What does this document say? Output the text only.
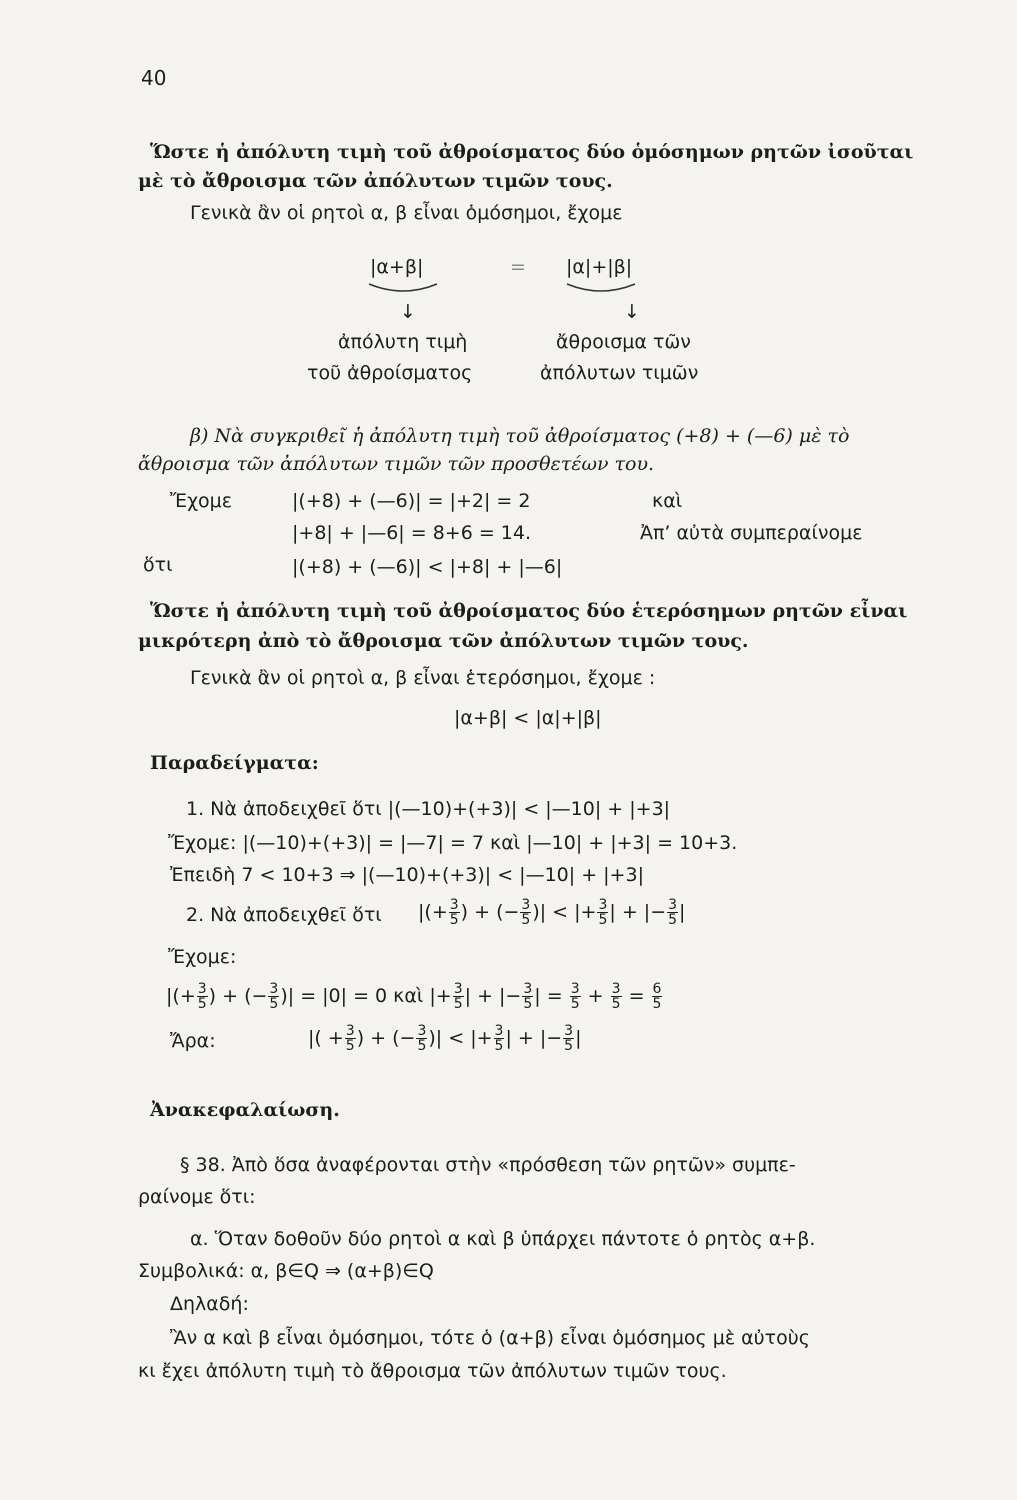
40
Ὥστε ἡ ἀπόλυτη τιμὴ τοῦ ἀθροίσματος δύο ὁμόσημων ρητῶν ἰσοῦται
μὲ τὸ ἄθροισμα τῶν ἀπόλυτων τιμῶν τους.
Γενικὰ ἂν οἱ ρητοὶ α, β εἶναι ὁμόσημοι, ἔχομε
|α+β|	= |α|+|β|
↓	↓
ἀπόλυτη τιμὴ
τοῦ ἀθροίσματος
ἄθροισμα τῶν
ἀπόλυτων τιμῶν
β) Νὰ συγκριθεῖ ἡ ἀπόλυτη τιμὴ τοῦ ἀθροίσματος (+8) + (—6) μὲ τὸ
ἄθροισμα τῶν ἀπόλυτων τιμῶν τῶν προσθετέων του.
Ἔχομε	|(+8) + (—6)| = |+2| = 2	καὶ
|+8| + |—6| = 8+6 = 14.	Ἀπ’ αὐτὰ συμπεραίνομε
ὅτι	|(+8) + (—6)| < |+8| + |—6|
Ὥστε ἡ ἀπόλυτη τιμὴ τοῦ ἀθροίσματος δύο ἑτερόσημων ρητῶν εἶναι
μικρότερη ἀπὸ τὸ ἄθροισμα τῶν ἀπόλυτων τιμῶν τους.
Γενικὰ ἂν οἱ ρητοὶ α, β εἶναι ἑτερόσημοι, ἔχομε :
|α+β| < |α|+|β|
Παραδείγματα:
1. Νὰ ἀποδειχθεῖ ὅτι |(—10)+(+3)| < |—10| + |+3|
Ἔχομε: |(—10)+(+3)| = |—7| = 7 καὶ |—10| + |+3| = 10+3.
Ἐπειδὴ 7 < 10+3 ⇒ |(—10)+(+3)| < |—10| + |+3|
2. Νὰ ἀποδειχθεῖ ὅτι |(+ $\frac{3}{5}$ ) + (− $\frac{3}{5}$ )| < |+ $\frac{3}{5}$ | + |− $\frac{3}{5}$ |
Ἔχομε:
|(+ $\frac{3}{5}$ ) + (− $\frac{3}{5}$ )| = |0| = 0 καὶ |+ $\frac{3}{5}$ | + |− $\frac{3}{5}$ | = $\frac{3}{5} + \frac{3}{5} = \frac{6}{5}$
Ἄρα:	|( + $\frac{3}{5}$ ) + (− $\frac{3}{5}$ )| < |+ $\frac{3}{5}$ | + |− $\frac{3}{5}$ |
Ἀνακεφαλαίωση.
§ 38. Ἀπὸ ὅσα ἀναφέρονται στὴν «πρόσθεση τῶν ρητῶν» συμπε-
ραίνομε ὅτι:
α. Ὅταν δοθοῦν δύο ρητοὶ α καὶ β ὑπάρχει πάντοτε ὁ ρητὸς α+β.
Συμβολικά: α, β∈Q ⇒ (α+β)∈Q
Δηλαδή:
Ἂν α καὶ β εἶναι ὁμόσημοι, τότε ὁ (α+β) εἶναι ὁμόσημος μὲ αὐτοὺς
κι ἔχει ἀπόλυτη τιμὴ τὸ ἄθροισμα τῶν ἀπόλυτων τιμῶν τους.
